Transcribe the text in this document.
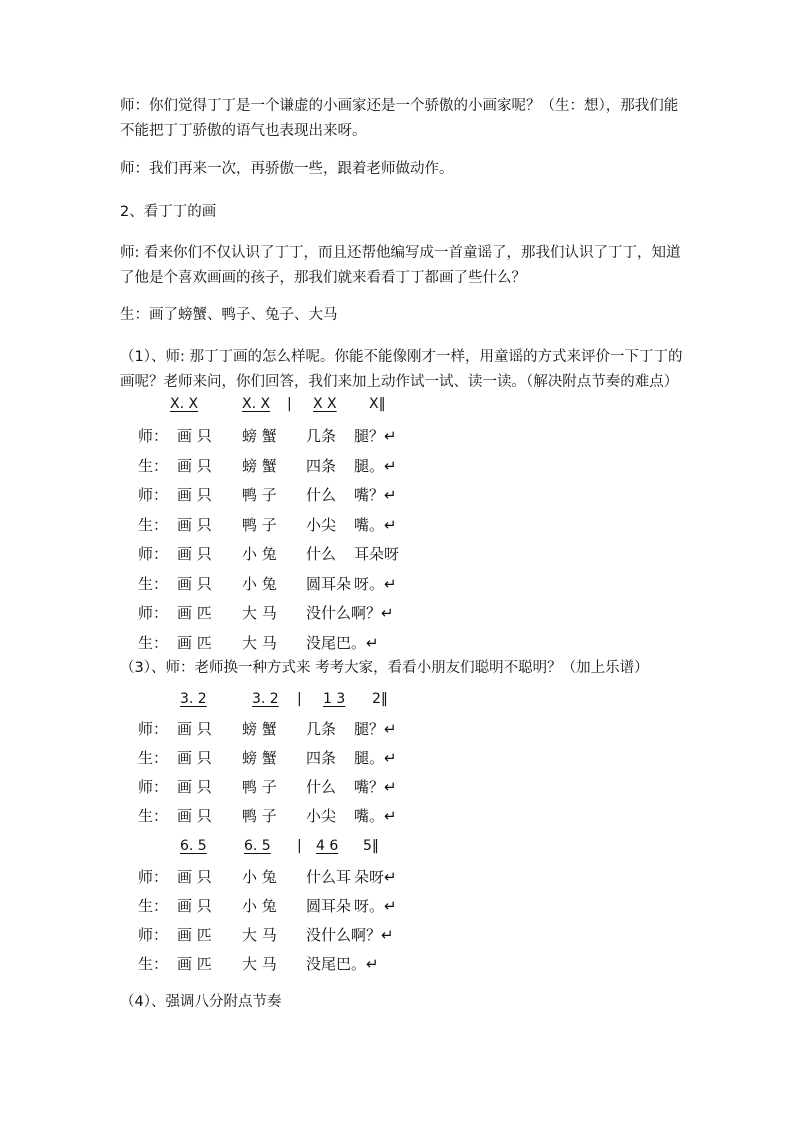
师：你们觉得丁丁是一个谦虚的小画家还是一个骄傲的小画家呢？（生：想），那我们能不能把丁丁骄傲的语气也表现出来呀。

师：我们再来一次，再骄傲一些，跟着老师做动作。

2、看丁丁的画

师: 看来你们不仅认识了丁丁，而且还帮他编写成一首童谣了，那我们认识了丁丁，知道了他是个喜欢画画的孩子，那我们就来看看丁丁都画了些什么？

生：画了螃蟹、鸭子、兔子、大马

（1）、师: 那丁丁画的怎么样呢。你能不能像刚才一样，用童谣的方式来评价一下丁丁的画呢？老师来问，你们回答，我们来加上动作试一试、读一读。（解决附点节奏的难点）

X. X	X. X | X X X‖
师： 画 只 螃 蟹 几条 腿？↵
生： 画 只 螃 蟹 四条 腿。↵
师： 画 只 鸭 子 什么 嘴？↵
生： 画 只 鸭 子 小尖 嘴。↵
师： 画 只 小 兔 什么 耳朵呀
生： 画 只 小 兔 圆耳朵 呀。↵
师： 画 匹 大 马 没什么啊？↵
生： 画 匹 大 马 没尾巴。↵

（3）、师：老师换一种方式来 考考大家，看看小朋友们聪明不聪明？（加上乐谱）

3. 2	3. 2 | 1 3 2‖
师： 画 只 螃 蟹 几条 腿？↵
生： 画 只 螃 蟹 四条 腿。↵
师： 画 只 鸭 子 什么 嘴？↵
生： 画 只 鸭 子 小尖 嘴。↵
6. 5	6. 5 | 4 6 5‖
师： 画 只 小 兔 什么耳 朵呀↵
生： 画 只 小 兔 圆耳朵 呀。↵
师： 画 匹 大 马 没什么啊？↵
生： 画 匹 大 马 没尾巴。↵

（4）、强调八分附点节奏
